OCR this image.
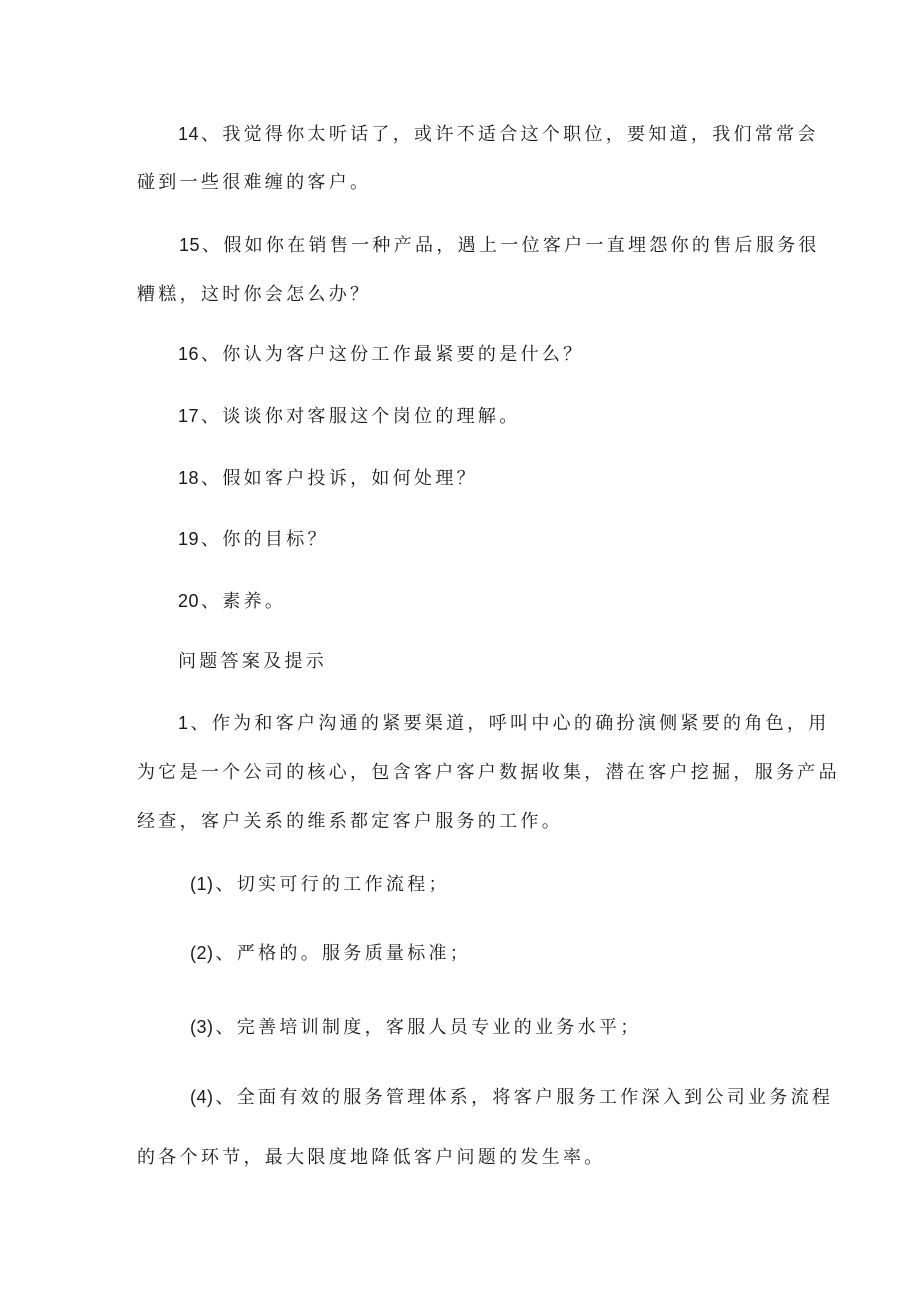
14 、我觉得你太听话了，或许不适合这个职位，要知道，我们常常会

碰到一些很难缠的客户。

15 、假如你在销售一种产品，遇上一位客户一直埋怨你的售后服务很

糟糕，这时你会怎么办？

16 、你认为客户这份工作最紧要的是什么？

17 、谈谈你对客服这个岗位的理解。

18 、假如客户投诉，如何处理？

19 、你的目标？

20 、素养。

问题答案及提示

1 、作为和客户沟通的紧要渠道，呼叫中心的确扮演侧紧要的角色，用

为它是一个公司的核心，包含客户客户数据收集，潜在客户挖掘，服务产品

经查，客户关系的维系都定客户服务的工作。

(1) 、切实可行的工作流程；

(2) 、严格的。服务质量标准；

(3) 、完善培训制度，客服人员专业的业务水平；

(4) 、全面有效的服务管理体系，将客户服务工作深入到公司业务流程

的各个环节，最大限度地降低客户问题的发生率。
